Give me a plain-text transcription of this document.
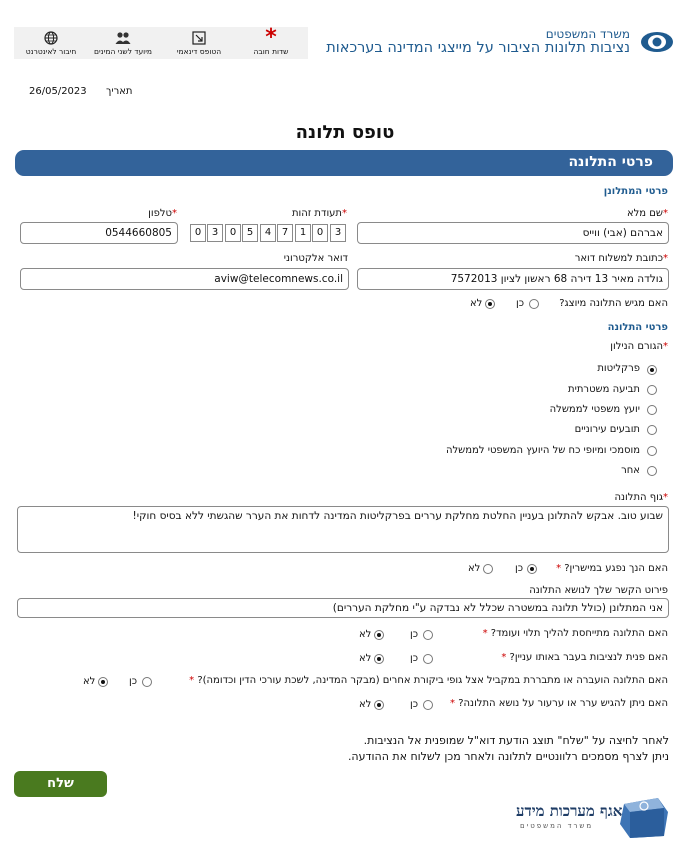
חיבור לאינטרנט	מיועד לשני המינים	הטופס דינאמי
*
שדות חובה
משרד המשפטים
נציבות תלונות הציבור על מייצגי המדינה בערכאות
תאריך
26/05/2023
טופס תלונה
פרטי התלונה
פרטי המתלונן
*שם מלא
אברהם (אבי) ווייס
*תעודת זהות
3
0
1
7
4
5
0
3
0
*טלפון
0544660805
*כתובת למשלוח דואר
גולדה מאיר 13 דירה 68 ראשון לציון 7572013
דואר אלקטרוני
aviw@telecomnews.co.il
האם מגיש התלונה מיוצג?
כן
לא
פרטי התלונה
*הגורם הנילון
פרקליטות
תביעה משטרתית
יועץ משפטי לממשלה
תובעים עירוניים
מוסמכי ומיופי כח של היועץ המשפטי לממשלה
אחר
*גוף התלונה
שבוע טוב. אבקש להתלונן בעניין החלטת מחלקת עררים בפרקליטות המדינה לדחות את הערר שהגשתי ללא בסיס חוקי!
האם הנך נפגע במישרין? *
כן
לא
פירוט הקשר שלך לנושא התלונה
אני המתלונן (כולל תלונה במשטרה שכלל לא נבדקה ע"י מחלקת העררים)
האם התלונה מתייחסת להליך תלוי ועומד? *
כן
לא
האם פנית לנציבות בעבר באותו עניין? *
כן
לא
האם התלונה הועברה או מתבררת במקביל אצל גופי ביקורת אחרים (מבקר המדינה, לשכת עורכי הדין וכדומה)? *
כן
לא
האם ניתן להגיש ערר או ערעור על נושא התלונה? *
כן
לא
לאחר לחיצה על "שלח" תוצג הודעת דוא"ל שמופנית אל הנציבות.
ניתן לצרף מסמכים רלוונטיים לתלונה ולאחר מכן לשלוח את ההודעה.
שלח
אגף מערכות מידע
משרד המשפטים
